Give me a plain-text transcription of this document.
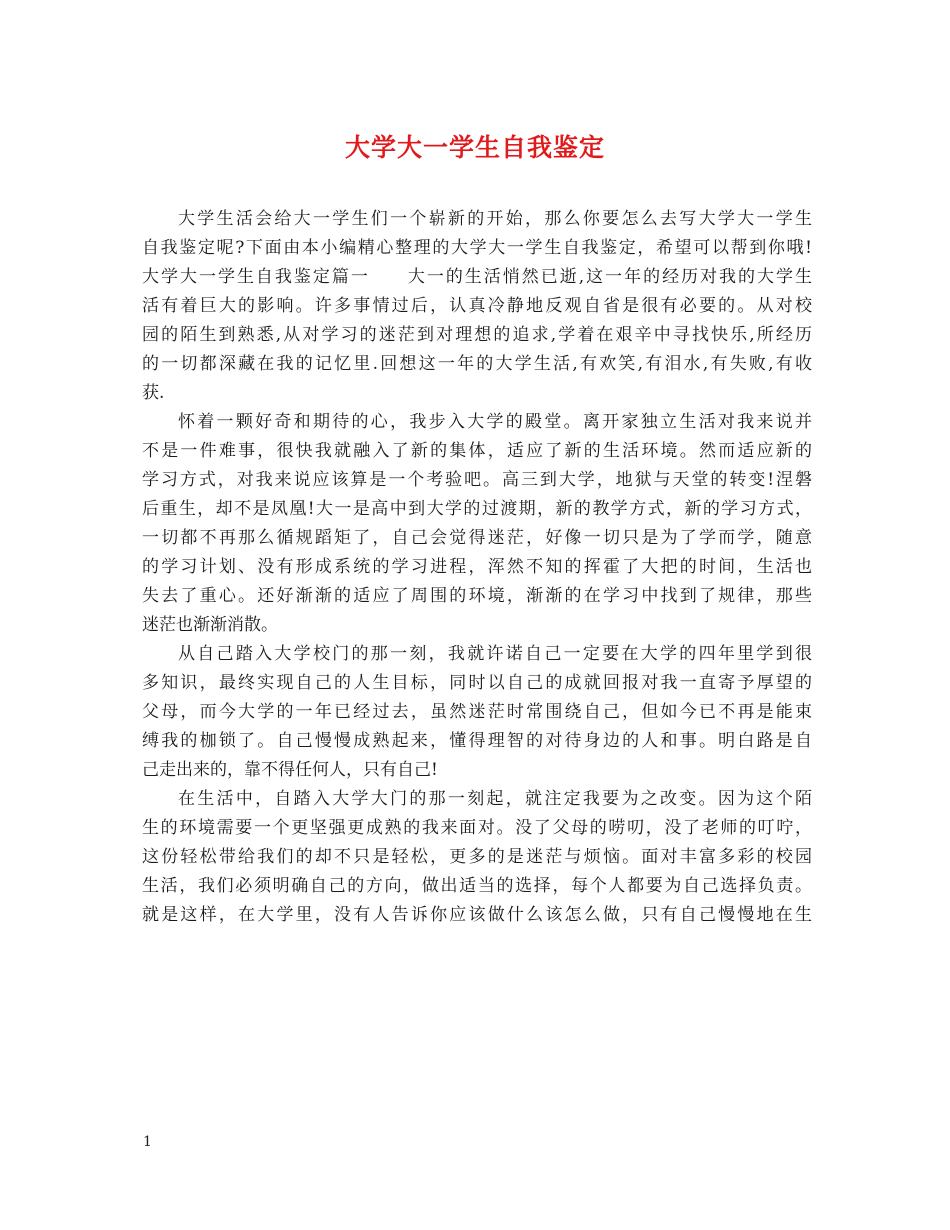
大学大一学生自我鉴定
大学生活会给大一学生们一个崭新的开始，那么你要怎么去写大学大一学生
自我鉴定呢?下面由本小编精心整理的大学大一学生自我鉴定，希望可以帮到你哦!
大学大一学生自我鉴定篇一　　大一的生活悄然已逝,这一年的经历对我的大学生
活有着巨大的影响。许多事情过后，认真冷静地反观自省是很有必要的。从对校
园的陌生到熟悉,从对学习的迷茫到对理想的追求,学着在艰辛中寻找快乐,所经历
的一切都深藏在我的记忆里.回想这一年的大学生活,有欢笑,有泪水,有失败,有收
获.
怀着一颗好奇和期待的心，我步入大学的殿堂。离开家独立生活对我来说并
不是一件难事，很快我就融入了新的集体，适应了新的生活环境。然而适应新的
学习方式，对我来说应该算是一个考验吧。高三到大学，地狱与天堂的转变!涅磐
后重生，却不是凤凰!大一是高中到大学的过渡期，新的教学方式，新的学习方式，
一切都不再那么循规蹈矩了，自己会觉得迷茫，好像一切只是为了学而学，随意
的学习计划、没有形成系统的学习进程，浑然不知的挥霍了大把的时间，生活也
失去了重心。还好渐渐的适应了周围的环境，渐渐的在学习中找到了规律，那些
迷茫也渐渐消散。
从自己踏入大学校门的那一刻，我就许诺自己一定要在大学的四年里学到很
多知识，最终实现自己的人生目标，同时以自己的成就回报对我一直寄予厚望的
父母，而今大学的一年已经过去，虽然迷茫时常围绕自己，但如今已不再是能束
缚我的枷锁了。自己慢慢成熟起来，懂得理智的对待身边的人和事。明白路是自
己走出来的，靠不得任何人，只有自己!
在生活中，自踏入大学大门的那一刻起，就注定我要为之改变。因为这个陌
生的环境需要一个更坚强更成熟的我来面对。没了父母的唠叨，没了老师的叮咛，
这份轻松带给我们的却不只是轻松，更多的是迷茫与烦恼。面对丰富多彩的校园
生活，我们必须明确自己的方向，做出适当的选择，每个人都要为自己选择负责。
就是这样，在大学里，没有人告诉你应该做什么该怎么做，只有自己慢慢地在生
1
